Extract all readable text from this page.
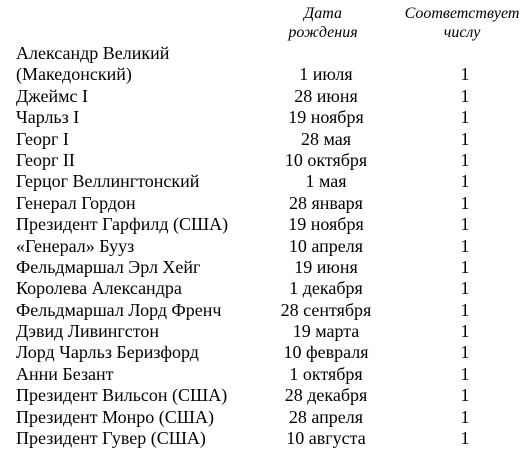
Дата
рождения
Соответствует
числу
Александр Великий
(Македонский)	1 июля	1
Джеймс I	28 июня	1
Чарльз I	19 ноября	1
Георг I	28 мая	1
Георг II	10 октября	1
Герцог Веллингтонский	1 мая	1
Генерал Гордон	28 января	1
Президент Гарфилд (США)	19 ноября	1
«Генерал» Бууз	10 апреля	1
Фельдмаршал Эрл Хейг	19 июня	1
Королева Александра	1 декабря	1
Фельдмаршал Лорд Френч	28 сентября	1
Дэвид Ливингстон	19 марта	1
Лорд Чарльз Беризфорд	10 февраля	1
Анни Безант	1 октября	1
Президент Вильсон (США)	28 декабря	1
Президент Монро (США)	28 апреля	1
Президент Гувер (США)	10 августа	1
